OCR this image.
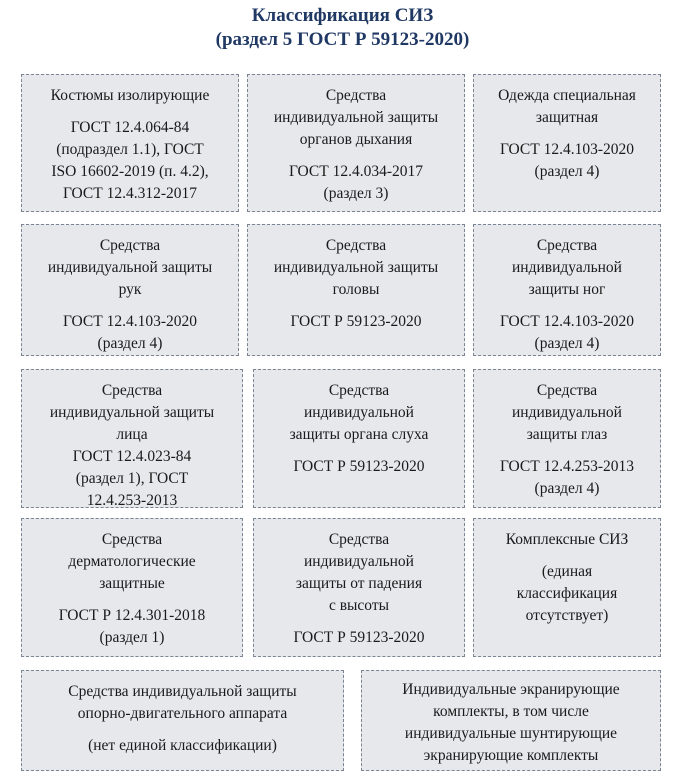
Классификация СИЗ
(раздел 5 ГОСТ Р 59123-2020)
Костюмы изолирующие
ГОСТ 12.4.064-84
(подраздел 1.1), ГОСТ
ISO 16602-2019 (п. 4.2),
ГОСТ 12.4.312-2017
Средства
индивидуальной защиты
органов дыхания
ГОСТ 12.4.034-2017
(раздел 3)
Одежда специальная
защитная
ГОСТ 12.4.103-2020
(раздел 4)
Средства
индивидуальной защиты
рук
ГОСТ 12.4.103-2020
(раздел 4)
Средства
индивидуальной защиты
головы
ГОСТ Р 59123-2020
Средства
индивидуальной
защиты ног
ГОСТ 12.4.103-2020
(раздел 4)
Средства
индивидуальной защиты
лица
ГОСТ 12.4.023-84
(раздел 1), ГОСТ
12.4.253-2013
Средства
индивидуальной
защиты органа слуха
ГОСТ Р 59123-2020
Средства
индивидуальной
защиты глаз
ГОСТ 12.4.253-2013
(раздел 4)
Средства
дерматологические
защитные
ГОСТ Р 12.4.301-2018
(раздел 1)
Средства
индивидуальной
защиты от падения
с высоты
ГОСТ Р 59123-2020
Комплексные СИЗ
(единая
классификация
отсутствует)
Средства индивидуальной защиты
опорно-двигательного аппарата
(нет единой классификации)
Индивидуальные экранирующие
комплекты, в том числе
индивидуальные шунтирующие
экранирующие комплекты
